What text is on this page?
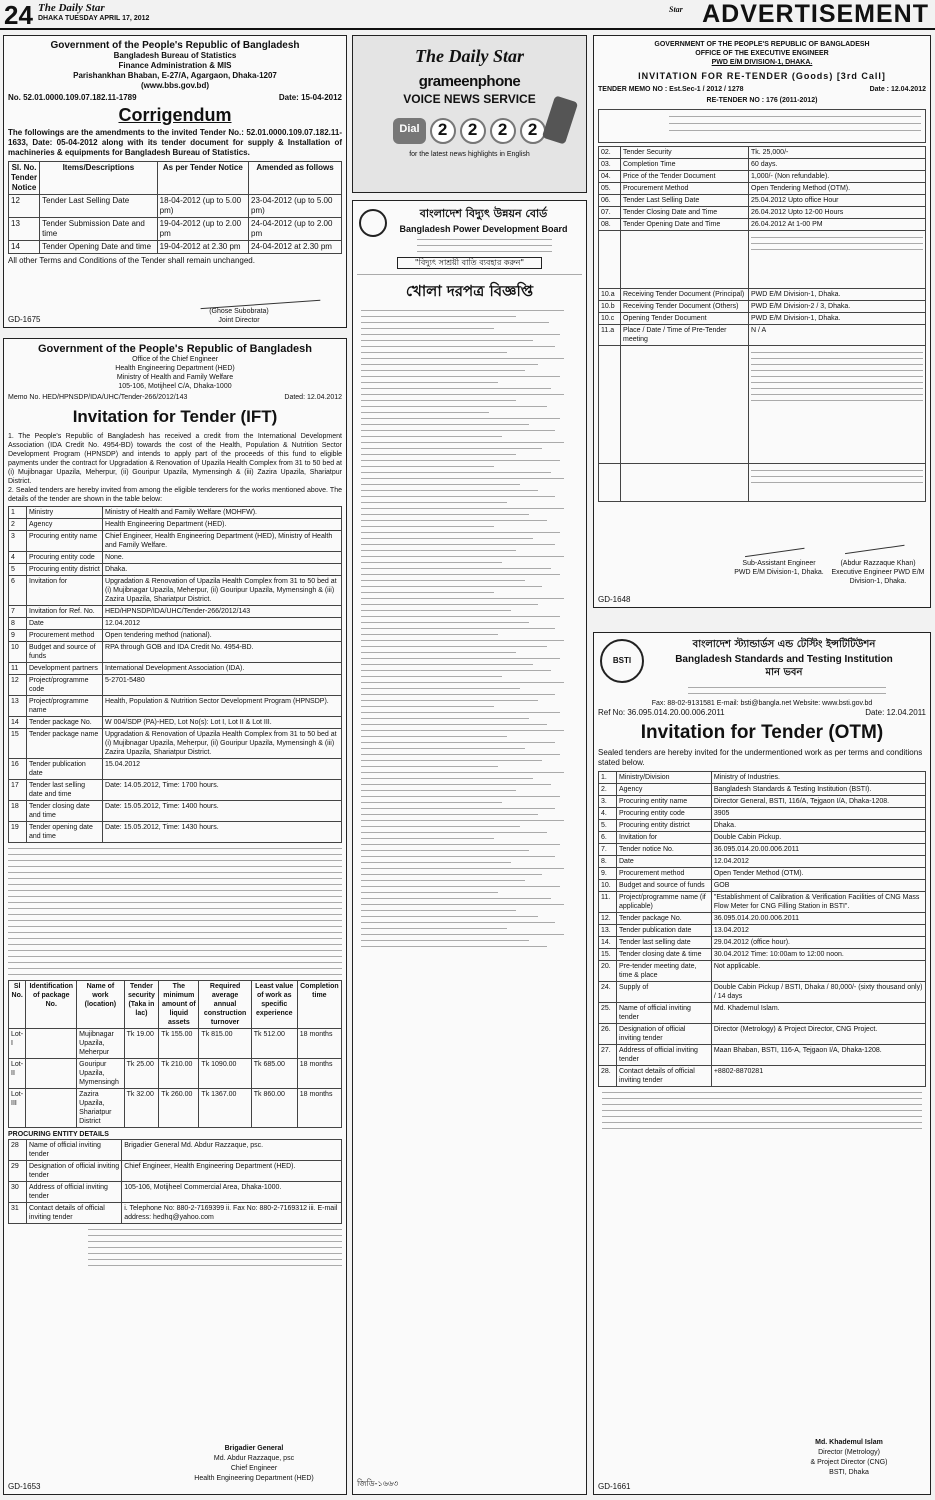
24 The Daily Star
DHAKA TUESDAY APRIL 17, 2012
Star ADVERTISEMENT
Government of the People's Republic of Bangladesh
Bangladesh Bureau of Statistics
Finance Administration & MIS
Parishankhan Bhaban, E-27/A, Agargaon, Dhaka-1207
(www.bbs.gov.bd)
No. 52.01.0000.109.07.182.11-1789	Date: 15-04-2012
Corrigendum
The followings are the amendments to the invited Tender No.: 52.01.0000.109.07.182.11-1633, Date: 05-04-2012 along with its tender document for supply & Installation of machineries & equipments for Bangladesh Bureau of Statistics.
Sl. No. Tender Notice	Items/Descriptions	As per Tender Notice	Amended as follows
12	Tender Last Selling Date	18-04-2012 (up to 5.00 pm)	23-04-2012 (up to 5.00 pm)
13	Tender Submission Date and time	19-04-2012 (up to 2.00 pm	24-04-2012 (up to 2.00 pm
14	Tender Opening Date and time	19-04-2012 at 2.30 pm	24-04-2012 at 2.30 pm
All other Terms and Conditions of the Tender shall remain unchanged.
(Ghose Subobrata)
Joint Director
GD-1675
The Daily Star
grameenphone
VOICE NEWS SERVICE
Dial	2	2	2	2
for the latest news highlights in English
বাংলাদেশ বিদ্যুৎ উন্নয়ন বোর্ড
Bangladesh Power Development Board
"বিদ্যুৎ সাশ্রয়ী বাতি ব্যবহার করুন"
খোলা দরপত্র বিজ্ঞপ্তি
জিডি-১৬৬৩
GOVERNMENT OF THE PEOPLE'S REPUBLIC OF BANGLADESH
OFFICE OF THE EXECUTIVE ENGINEER
PWD E/M DIVISION-1, DHAKA.
INVITATION FOR RE-TENDER (Goods) [3rd Call]
TENDER MEMO NO : Est.Sec-1 / 2012 / 1278	Date : 12.04.2012
RE-TENDER NO : 176 (2011-2012)
02.	Tender Security	Tk. 25,000/-
03.	Completion Time	60 days.
04.	Price of the Tender Document	1,000/- (Non refundable).
05.	Procurement Method	Open Tendering Method (OTM).
06.	Tender Last Selling Date	25.04.2012 Upto office Hour
07.	Tender Closing Date and Time	26.04.2012 Upto 12-00 Hours
08.	Tender Opening Date and Time	26.04.2012 At 1-00 PM

10.a	Receiving Tender Document (Principal)	PWD E/M Division-1, Dhaka.
10.b	Receiving Tender Document (Others)	PWD E/M Division-2 / 3, Dhaka.
10.c	Opening Tender Document	PWD E/M Division-1, Dhaka.
11.a	Place / Date / Time of Pre-Tender meeting	N / A

Sub-Assistant Engineer PWD E/M Division-1, Dhaka.
(Abdur Razzaque Khan) Executive Engineer PWD E/M Division-1, Dhaka.
GD-1648
Government of the People's Republic of Bangladesh
Office of the Chief Engineer
Health Engineering Department (HED)
Ministry of Health and Family Welfare
105-106, Motijheel C/A, Dhaka-1000
Memo No. HED/HPNSDP/IDA/UHC/Tender-266/2012/143	Dated: 12.04.2012
Invitation for Tender (IFT)
1. The People's Republic of Bangladesh has received a credit from the International Development Association (IDA Credit No. 4954-BD) towards the cost of the Health, Population & Nutrition Sector Development Program (HPNSDP) and intends to apply part of the proceeds of this fund to eligible payments under the contract for Upgradation & Renovation of Upazila Health Complex from 31 to 50 bed at (i) Mujibnagar Upazila, Meherpur, (ii) Gouripur Upazila, Mymensingh & (iii) Zazira Upazila, Shariatpur District.
2. Sealed tenders are hereby invited from among the eligible tenderers for the works mentioned above. The details of the tender are shown in the table below:
1	Ministry	Ministry of Health and Family Welfare (MOHFW).
2	Agency	Health Engineering Department (HED).
3	Procuring entity name	Chief Engineer, Health Engineering Department (HED), Ministry of Health and Family Welfare.
4	Procuring entity code	None.
5	Procuring entity district	Dhaka.
6	Invitation for	Upgradation & Renovation of Upazila Health Complex from 31 to 50 bed at (i) Mujibnagar Upazila, Meherpur, (ii) Gouripur Upazila, Mymensingh & (iii) Zazira Upazila, Shariatpur District.
7	Invitation for Ref. No.	HED/HPNSDP/IDA/UHC/Tender-266/2012/143
8	Date	12.04.2012
9	Procurement method	Open tendering method (national).
10	Budget and source of funds	RPA through GOB and IDA Credit No. 4954-BD.
11	Development partners	International Development Association (IDA).
12	Project/programme code	5-2701-5480
13	Project/programme name	Health, Population & Nutrition Sector Development Program (HPNSDP).
14	Tender package No.	W 004/SDP (PA)-HED, Lot No(s): Lot I, Lot II & Lot III.
15	Tender package name	Upgradation & Renovation of Upazila Health Complex from 31 to 50 bed at (i) Mujibnagar Upazila, Meherpur, (ii) Gouripur Upazila, Mymensingh & (iii) Zazira Upazila, Shariatpur District.
16	Tender publication date	15.04.2012
17	Tender last selling date and time	Date: 14.05.2012, Time: 1700 hours.
18	Tender closing date and time	Date: 15.05.2012, Time: 1400 hours.
19	Tender opening date and time	Date: 15.05.2012, Time: 1430 hours.
Sl No.	Identification of package No.	Name of work (location)	Tender security (Taka in lac)	The minimum amount of liquid assets	Required average annual construction turnover	Least value of work as specific experience	Completion time
Lot-I		Mujibnagar Upazila, Meherpur	Tk 19.00	Tk 155.00	Tk 815.00	Tk 512.00	18 months
Lot-II		Gouripur Upazila, Mymensingh	Tk 25.00	Tk 210.00	Tk 1090.00	Tk 685.00	18 months
Lot-III		Zazira Upazila, Shariatpur District	Tk 32.00	Tk 260.00	Tk 1367.00	Tk 860.00	18 months
PROCURING ENTITY DETAILS
28	Name of official inviting tender	Brigadier General Md. Abdur Razzaque, psc.
29	Designation of official inviting tender	Chief Engineer, Health Engineering Department (HED).
30	Address of official inviting tender	105-106, Motijheel Commercial Area, Dhaka-1000.
31	Contact details of official inviting tender	i. Telephone No: 880-2-7169399 ii. Fax No: 880-2-7169312 iii. E-mail address: hedhq@yahoo.com
Brigadier General
Md. Abdur Razzaque, psc
Chief Engineer
Health Engineering Department (HED)
GD-1653
BSTI
বাংলাদেশ স্ট্যান্ডার্ডস এন্ড টেস্টিং ইন্সটিটিউশন
Bangladesh Standards and Testing Institution
মান ভবন
Fax: 88-02-9131581 E-mail: bsti@bangla.net Website: www.bsti.gov.bd
Ref No: 36.095.014.20.00.006.2011	Date: 12.04.2011
Invitation for Tender (OTM)
Sealed tenders are hereby invited for the undermentioned work as per terms and conditions stated below.
1.	Ministry/Division	Ministry of Industries.
2.	Agency	Bangladesh Standards & Testing Institution (BSTI).
3.	Procuring entity name	Director General, BSTI, 116/A, Tejgaon I/A, Dhaka-1208.
4.	Procuring entity code	3905
5.	Procuring entity district	Dhaka.
6.	Invitation for	Double Cabin Pickup.
7.	Tender notice No.	36.095.014.20.00.006.2011
8.	Date	12.04.2012
9.	Procurement method	Open Tender Method (OTM).
10.	Budget and source of funds	GOB
11.	Project/programme name (if applicable)	"Establishment of Calibration & Verification Facilities of CNG Mass Flow Meter for CNG Filling Station in BSTI".
12.	Tender package No.	36.095.014.20.00.006.2011
13.	Tender publication date	13.04.2012
14.	Tender last selling date	29.04.2012 (office hour).
15.	Tender closing date & time	30.04.2012 Time: 10:00am to 12:00 noon.
20.	Pre-tender meeting date, time & place	Not applicable.
24.	Supply of	Double Cabin Pickup / BSTI, Dhaka / 80,000/- (sixty thousand only) / 14 days
25.	Name of official inviting tender	Md. Khademul Islam.
26.	Designation of official inviting tender	Director (Metrology) & Project Director, CNG Project.
27.	Address of official inviting tender	Maan Bhaban, BSTI, 116-A, Tejgaon I/A, Dhaka-1208.
28.	Contact details of official inviting tender	+8802-8870281
Md. Khademul Islam
Director (Metrology)
& Project Director (CNG)
BSTI, Dhaka
GD-1661
